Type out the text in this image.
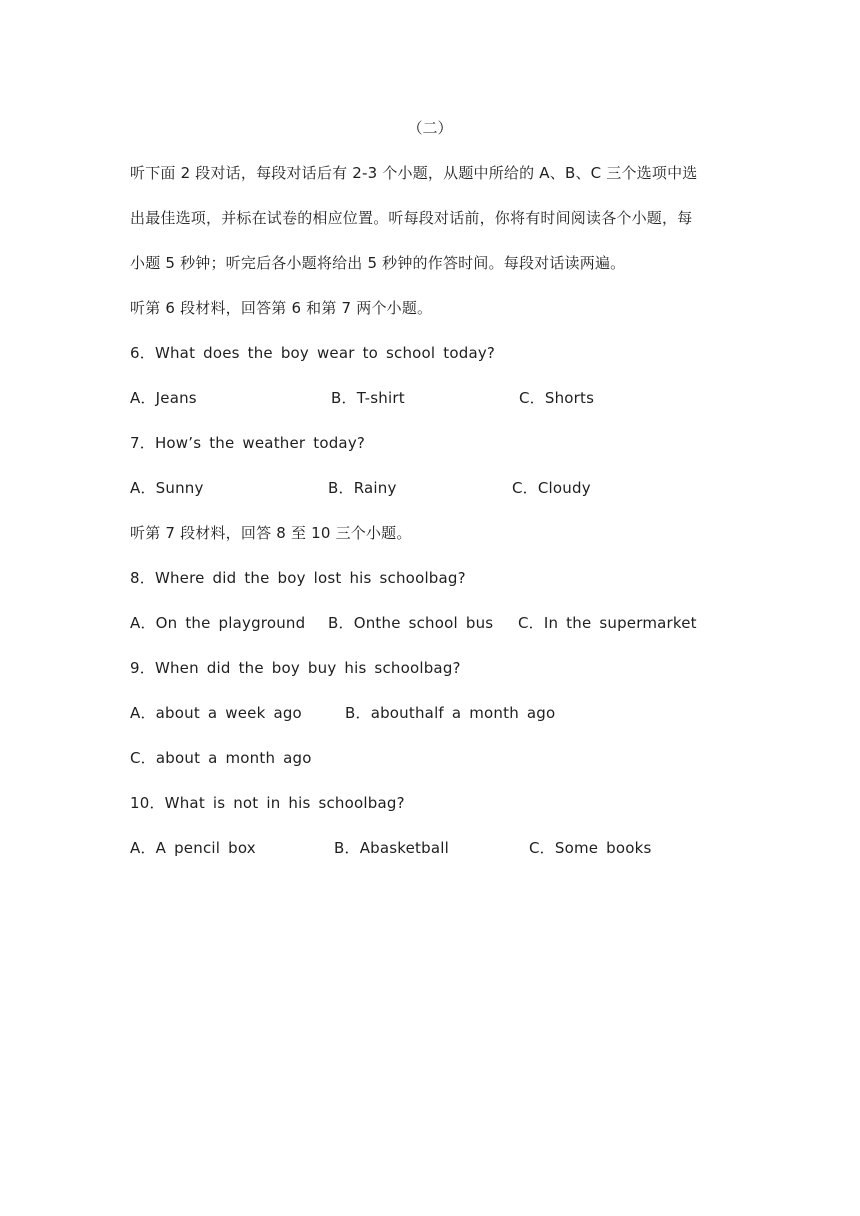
（二）
听下面 2 段对话，每段对话后有 2-3 个小题，从题中所给的 A、B、C 三个选项中选
出最佳选项，并标在试卷的相应位置。听每段对话前，你将有时间阅读各个小题，每
小题 5 秒钟；听完后各小题将给出 5 秒钟的作答时间。每段对话读两遍。
听第 6 段材料，回答第 6 和第 7 两个小题。
6．What does the boy wear to school today?
A．Jeans	B．T-shirt	C．Shorts
7．How’s the weather today?
A．Sunny	B．Rainy	C．Cloudy
听第 7 段材料，回答 8 至 10 三个小题。
8．Where did the boy lost his schoolbag?
A．On the playground B．Onthe school bus C．In the supermarket
9．When did the boy buy his schoolbag?
A．about a week ago	B．abouthalf a month ago
C．about a month ago
10．What is not in his schoolbag?
A．A pencil box	B．Abasketball	C．Some books
